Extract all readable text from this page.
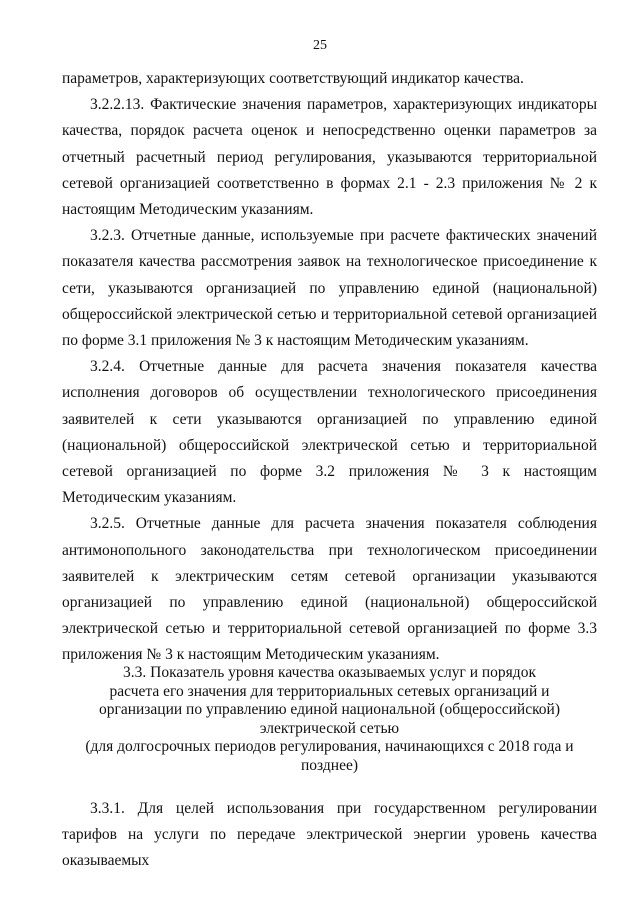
25

параметров, характеризующих соответствующий индикатор качества.

3.2.2.13. Фактические значения параметров, характеризующих индикаторы качества, порядок расчета оценок и непосредственно оценки параметров за отчетный расчетный период регулирования, указываются территориальной сетевой организацией соответственно в формах 2.1 - 2.3 приложения № 2 к настоящим Методическим указаниям.

3.2.3. Отчетные данные, используемые при расчете фактических значений показателя качества рассмотрения заявок на технологическое присоединение к сети, указываются организацией по управлению единой (национальной) общероссийской электрической сетью и территориальной сетевой организацией по форме 3.1 приложения № 3 к настоящим Методическим указаниям.

3.2.4. Отчетные данные для расчета значения показателя качества исполнения договоров об осуществлении технологического присоединения заявителей к сети указываются организацией по управлению единой (национальной) общероссийской электрической сетью и территориальной сетевой организацией по форме 3.2 приложения № 3 к настоящим Методическим указаниям.

3.2.5. Отчетные данные для расчета значения показателя соблюдения антимонопольного законодательства при технологическом присоединении заявителей к электрическим сетям сетевой организации указываются организацией по управлению единой (национальной) общероссийской электрической сетью и территориальной сетевой организацией по форме 3.3 приложения № 3 к настоящим Методическим указаниям.

3.3. Показатель уровня качества оказываемых услуг и порядок
расчета его значения для территориальных сетевых организаций и
организации по управлению единой национальной (общероссийской)
электрической сетью
(для долгосрочных периодов регулирования, начинающихся с 2018 года и
позднее)

3.3.1. Для целей использования при государственном регулировании тарифов на услуги по передаче электрической энергии уровень качества оказываемых
